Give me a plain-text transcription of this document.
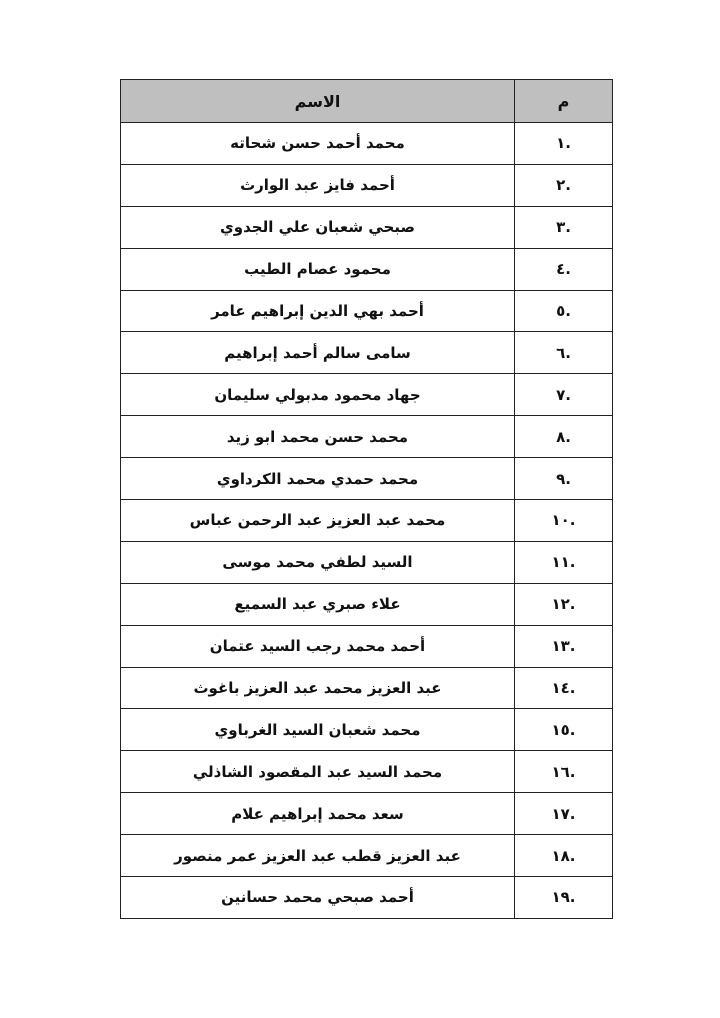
م	الاسم
.١	محمد أحمد حسن شحاته
.٢	أحمد فايز عبد الوارث
.٣	صبحي شعبان علي الجدوي
.٤	محمود عصام الطيب
.٥	أحمد بهي الدين إبراهيم عامر
.٦	سامى سالم أحمد إبراهيم
.٧	جهاد محمود مدبولي سليمان
.٨	محمد حسن محمد ابو زيد
.٩	محمد حمدي محمد الكرداوي
.١٠	محمد عبد العزيز عبد الرحمن عباس
.١١	السيد لطفي محمد موسى
.١٢	علاء صبري عبد السميع
.١٣	أحمد محمد رجب السيد عتمان
.١٤	عبد العزيز محمد عبد العزيز باغوث
.١٥	محمد شعبان السيد الغرباوي
.١٦	محمد السيد عبد المقصود الشاذلي
.١٧	سعد محمد إبراهيم علام
.١٨	عبد العزيز قطب عبد العزيز عمر منصور
.١٩	أحمد صبحي محمد حسانين
